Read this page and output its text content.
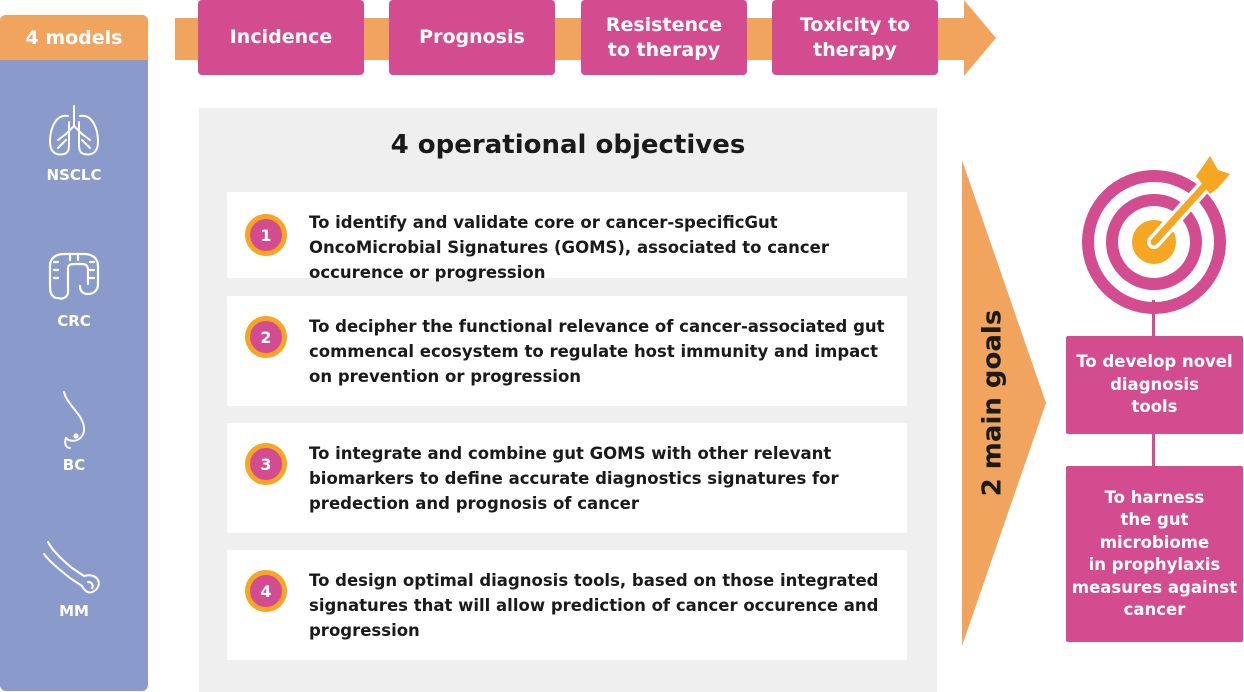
4 models
NSCLC
CRC
BC
MM
Incidence	Prognosis
Resistence
to therapy
Toxicity to
therapy
4 operational objectives
1
To identify and validate core or cancer-specificGut OncoMicrobial Signatures (GOMS), associated to cancer occurence or progression
2
To decipher the functional relevance of cancer-associated gut commencal ecosystem to regulate host immunity and impact on prevention or progression
3
To integrate and combine gut GOMS with other relevant biomarkers to define accurate diagnostics signatures for predection and prognosis of cancer
4
To design optimal diagnosis tools, based on those integrated signatures that will allow prediction of cancer occurence and progression
2 main goals	To develop novel
diagnosis
tools
To harness
the gut
microbiome
in prophylaxis
measures against
cancer
